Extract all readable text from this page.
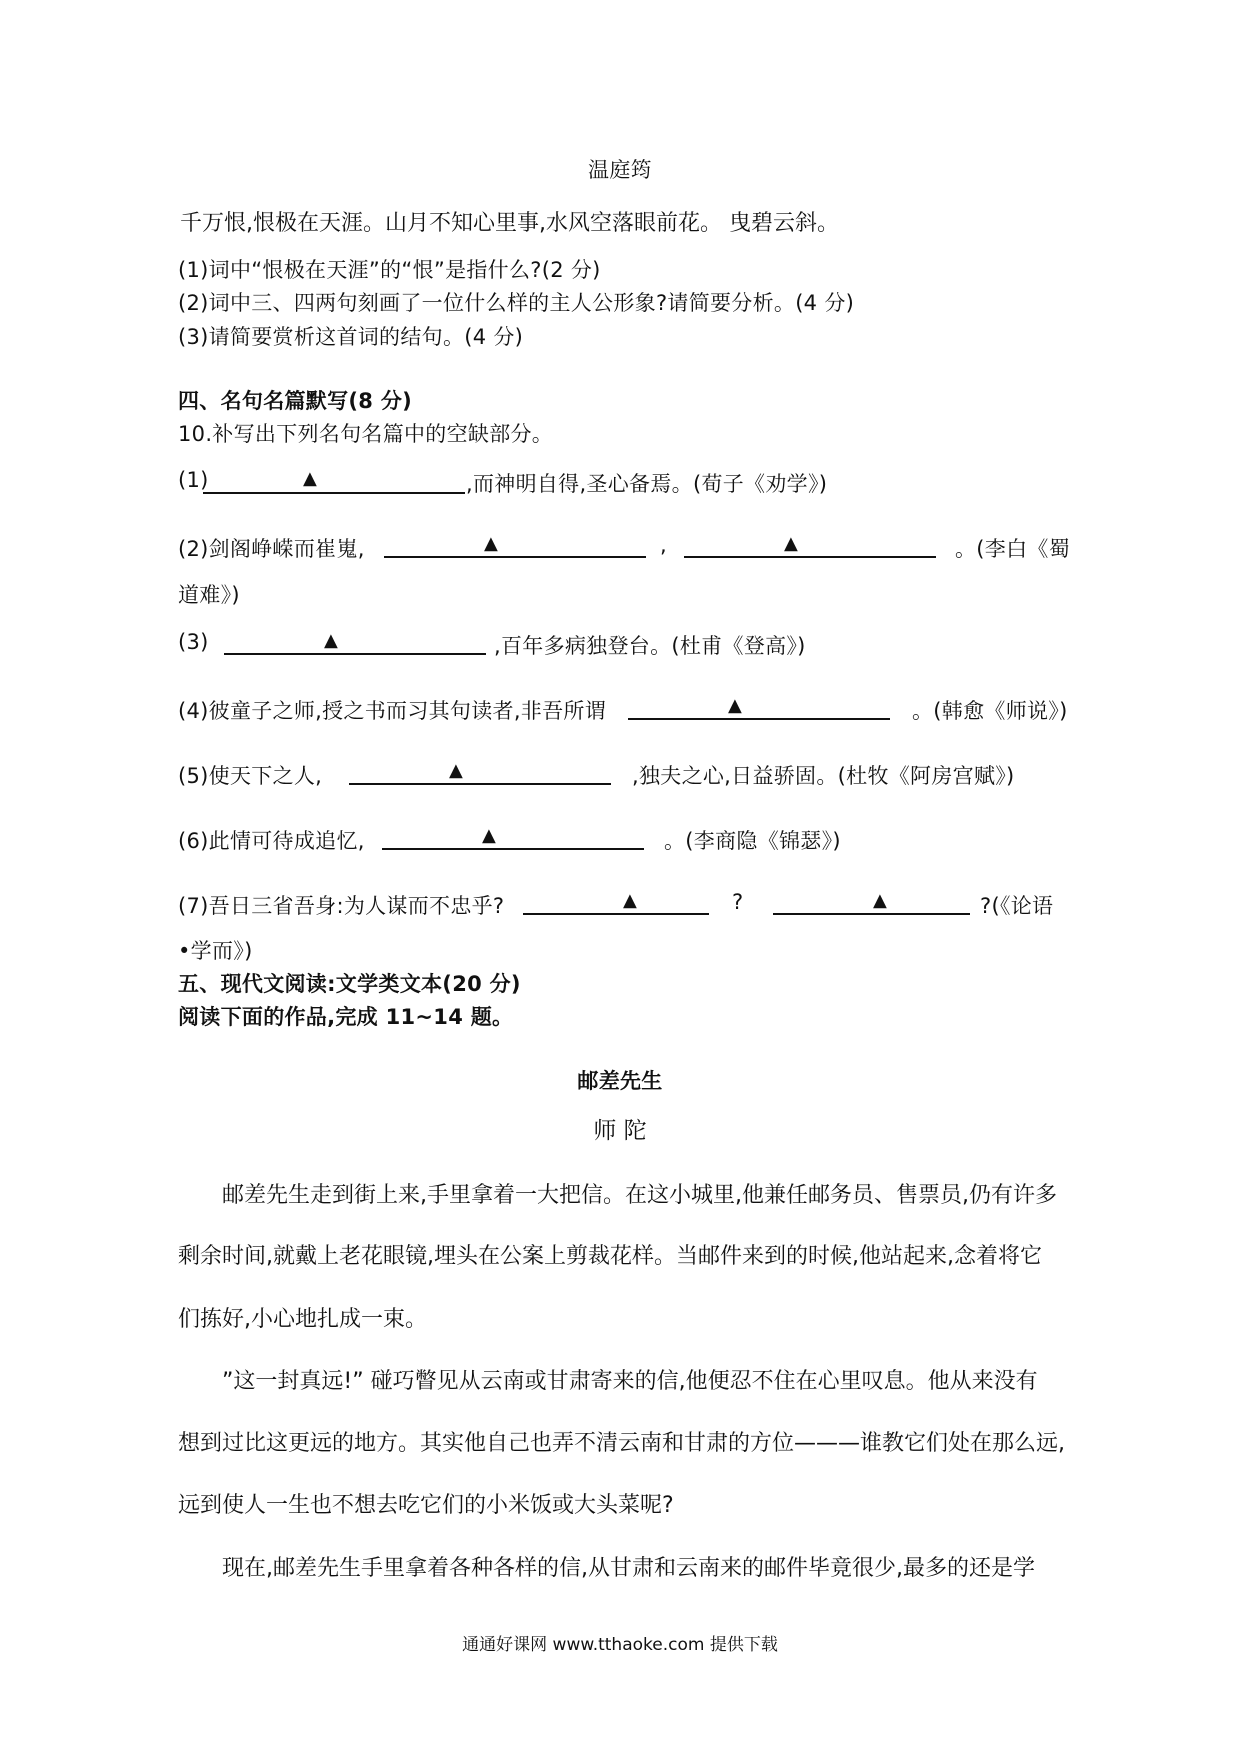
温庭筠
千万恨,恨极在天涯。山月不知心里事,水风空落眼前花。 曳碧云斜。
(1)词中“恨极在天涯”的“恨”是指什么?(2 分)
(2)词中三、四两句刻画了一位什么样的主人公形象?请简要分析。(4 分)
(3)请简要赏析这首词的结句。(4 分)
四、名句名篇默写(8 分)
10.补写出下列名句名篇中的空缺部分。
(1)	▲	,而神明自得,圣心备焉。(荀子《劝学》)
(2)剑阁峥嵘而崔嵬,	▲	,	▲	。(李白《蜀
道难》)
(3)	▲	,百年多病独登台。(杜甫《登高》)
(4)彼童子之师,授之书而习其句读者,非吾所谓	▲	。(韩愈《师说》)
(5)使天下之人,	▲	,独夫之心,日益骄固。(杜牧《阿房宫赋》)
(6)此情可待成追忆,	▲	。(李商隐《锦瑟》)
(7)吾日三省吾身:为人谋而不忠乎?	▲	?	▲	?(《论语
•学而》)
五、现代文阅读:文学类文本(20 分)
阅读下面的作品,完成 11~14 题。
邮差先生
师 陀
邮差先生走到街上来,手里拿着一大把信。在这小城里,他兼任邮务员、售票员,仍有许多
剩余时间,就戴上老花眼镜,埋头在公案上剪裁花样。当邮件来到的时候,他站起来,念着将它
们拣好,小心地扎成一束。
”这一封真远!” 碰巧瞥见从云南或甘肃寄来的信,他便忍不住在心里叹息。他从来没有
想到过比这更远的地方。其实他自己也弄不清云南和甘肃的方位———谁教它们处在那么远,
远到使人一生也不想去吃它们的小米饭或大头菜呢?
现在,邮差先生手里拿着各种各样的信,从甘肃和云南来的邮件毕竟很少,最多的还是学
通通好课网 www.tthaoke.com 提供下载
